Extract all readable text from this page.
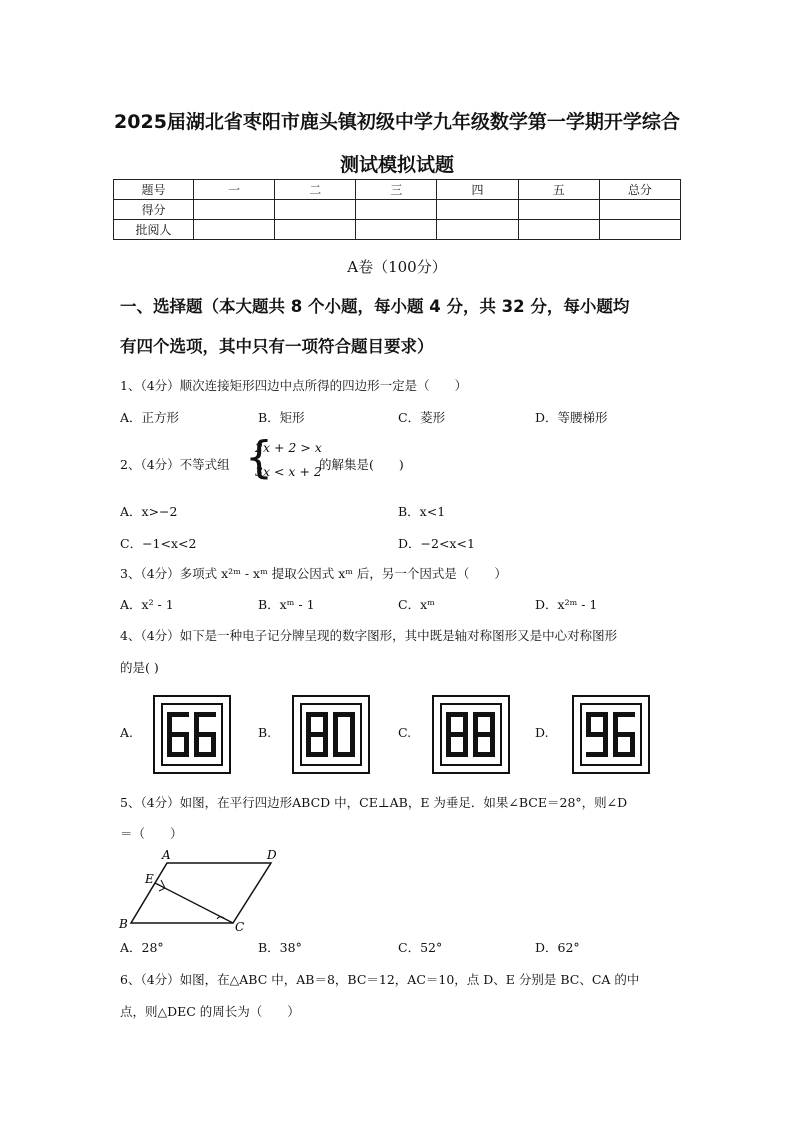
2025届湖北省枣阳市鹿头镇初级中学九年级数学第一学期开学综合
测试模拟试题
题号	一	二	三	四	五	总分
得分						
批阅人						
A卷（100分）
一、选择题（本大题共 8 个小题，每小题 4 分，共 32 分，每小题均
有四个选项，其中只有一项符合题目要求）
1、（4分）顺次连接矩形四边中点所得的四边形一定是（　　）
A．正方形	B．矩形	C．菱形	D．等腰梯形
2、（4分）不等式组 {
2x + 2 > x
3x < x + 2
的解集是(　　)
A．x>−2	B．x<1
C．−1<x<2	D．−2<x<1
3、（4分）多项式 x²ᵐ - xᵐ 提取公因式 xᵐ 后，另一个因式是（　　）
A．x² - 1	B．xᵐ - 1	C．xᵐ	D．x²ᵐ - 1
4、（4分）如下是一种电子记分牌呈现的数字图形，其中既是轴对称图形又是中心对称图形
的是( )
A.	B.	C.	D.
5、（4分）如图，在平行四边形ABCD 中，CE⊥AB，E 为垂足．如果∠BCE＝28°，则∠D
＝（　　）
A	D
E
B	C
A．28°	B．38°	C．52°	D．62°
6、（4分）如图，在△ABC 中，AB＝8，BC＝12，AC＝10，点 D、E 分别是 BC、CA 的中
点，则△DEC 的周长为（　　）
